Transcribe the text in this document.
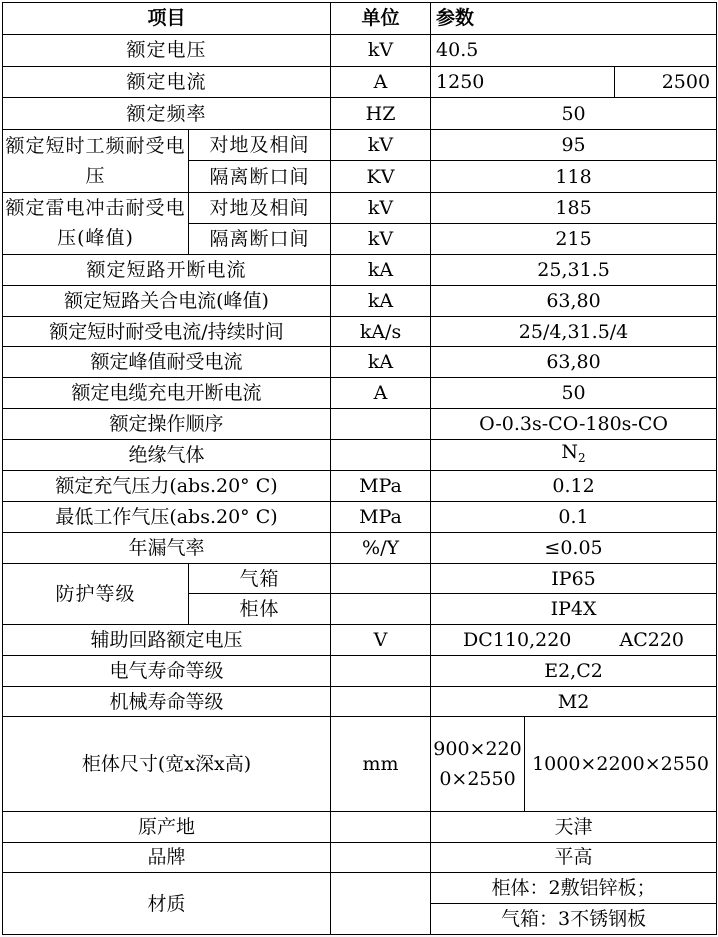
项目		单位	参数		
额定电压		kV	40.5		
额定电流		A	1250		2500
额定频率		HZ	50		
额定短时工频耐受电压	对地及相间	kV	95		
	隔离断口间	KV	118		
额定雷电冲击耐受电压(峰值)	对地及相间	kV	185		
	隔离断口间	kV	215		
额定短路开断电流		kA	25,31.5		
额定短路关合电流(峰值)		kA	63,80		
额定短时耐受电流/持续时间		kA/s	25/4,31.5/4		
额定峰值耐受电流		kA	63,80		
额定电缆充电开断电流		A	50		
额定操作顺序			O-0.3s-CO-180s-CO		
绝缘气体			$N_2$
额定充气压力(abs.20° C)		MPa	0.12		
最低工作气压(abs.20° C)		MPa	0.1		
年漏气率		%/Y	≤0.05		
防护等级	气箱		IP65		
	柜体		IP4X		
辅助回路额定电压		V	DC110,220 AC220		
电气寿命等级			E2,C2		
机械寿命等级			M2		
柜体尺寸(宽x深x高)		mm	900×2200×2550	1000×2200×2550	
原产地			天津		
品牌			平高		
材质			柜体：2敷铝锌板；		
			气箱：3不锈钢板		
